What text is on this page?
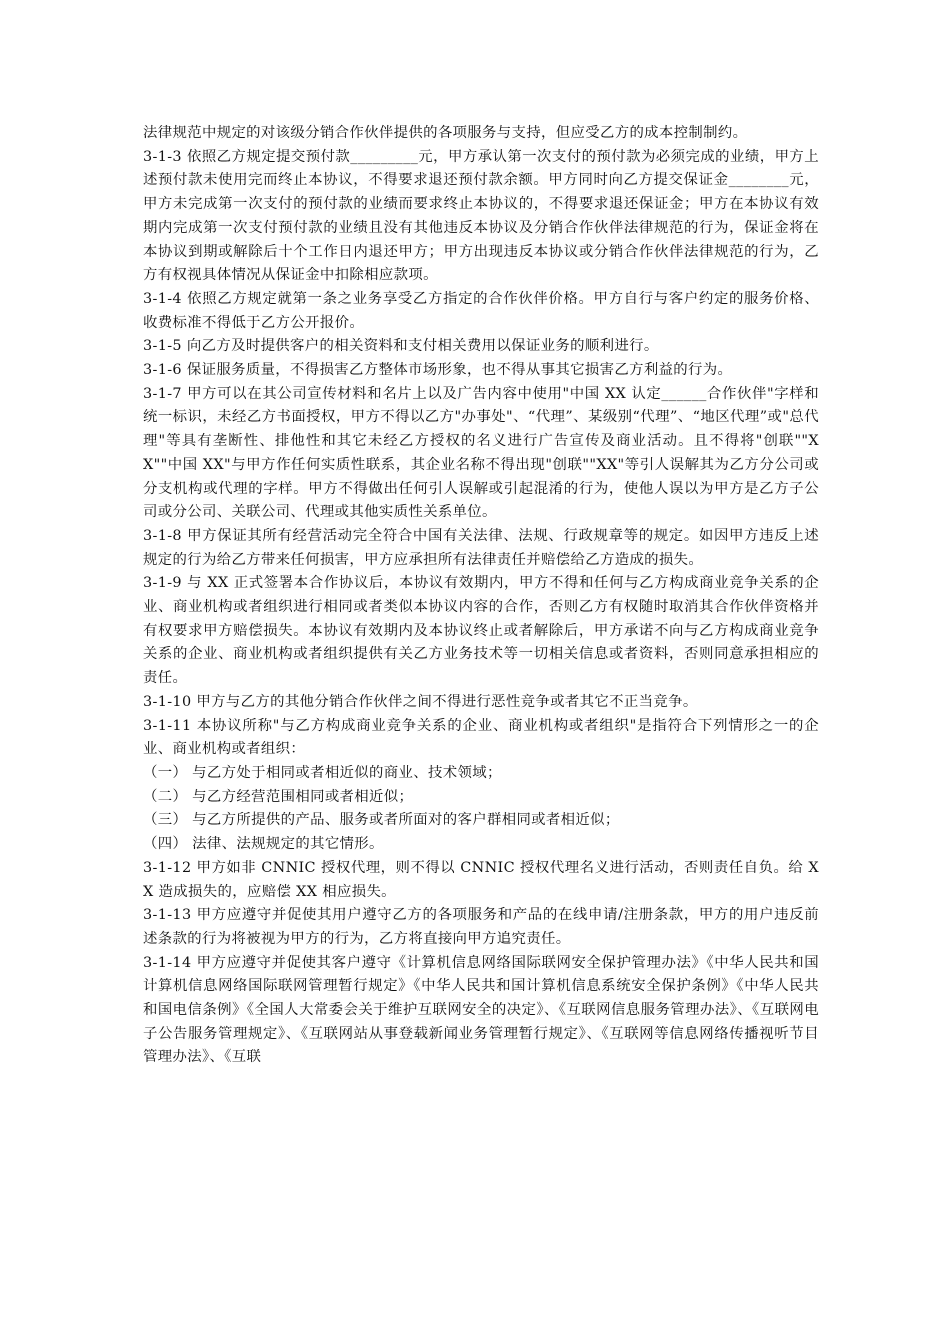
法律规范中规定的对该级分销合作伙伴提供的各项服务与支持，但应受乙方的成本控制制约。

3-1-3 依照乙方规定提交预付款_________元，甲方承认第一次支付的预付款为必须完成的业绩，甲方上述预付款未使用完而终止本协议，不得要求退还预付款余额。甲方同时向乙方提交保证金________元，甲方未完成第一次支付的预付款的业绩而要求终止本协议的，不得要求退还保证金；甲方在本协议有效期内完成第一次支付预付款的业绩且没有其他违反本协议及分销合作伙伴法律规范的行为，保证金将在本协议到期或解除后十个工作日内退还甲方；甲方出现违反本协议或分销合作伙伴法律规范的行为，乙方有权视具体情况从保证金中扣除相应款项。

3-1-4 依照乙方规定就第一条之业务享受乙方指定的合作伙伴价格。甲方自行与客户约定的服务价格、收费标准不得低于乙方公开报价。

3-1-5 向乙方及时提供客户的相关资料和支付相关费用以保证业务的顺利进行。

3-1-6 保证服务质量，不得损害乙方整体市场形象，也不得从事其它损害乙方利益的行为。

3-1-7 甲方可以在其公司宣传材料和名片上以及广告内容中使用"中国 XX 认定______合作伙伴"字样和统一标识，未经乙方书面授权，甲方不得以乙方"办事处"、“代理”、某级别“代理”、“地区代理”或"总代理"等具有垄断性、排他性和其它未经乙方授权的名义进行广告宣传及商业活动。且不得将"创联""XX""中国 XX"与甲方作任何实质性联系，其企业名称不得出现"创联""XX"等引人误解其为乙方分公司或分支机构或代理的字样。甲方不得做出任何引人误解或引起混淆的行为，使他人误以为甲方是乙方子公司或分公司、关联公司、代理或其他实质性关系单位。

3-1-8 甲方保证其所有经营活动完全符合中国有关法律、法规、行政规章等的规定。如因甲方违反上述规定的行为给乙方带来任何损害，甲方应承担所有法律责任并赔偿给乙方造成的损失。

3-1-9 与 XX 正式签署本合作协议后，本协议有效期内，甲方不得和任何与乙方构成商业竞争关系的企业、商业机构或者组织进行相同或者类似本协议内容的合作，否则乙方有权随时取消其合作伙伴资格并有权要求甲方赔偿损失。本协议有效期内及本协议终止或者解除后，甲方承诺不向与乙方构成商业竞争关系的企业、商业机构或者组织提供有关乙方业务技术等一切相关信息或者资料，否则同意承担相应的责任。

3-1-10 甲方与乙方的其他分销合作伙伴之间不得进行恶性竞争或者其它不正当竞争。

3-1-11 本协议所称"与乙方构成商业竞争关系的企业、商业机构或者组织"是指符合下列情形之一的企业、商业机构或者组织：

（一） 与乙方处于相同或者相近似的商业、技术领域；

（二） 与乙方经营范围相同或者相近似；

（三） 与乙方所提供的产品、服务或者所面对的客户群相同或者相近似；

（四） 法律、法规规定的其它情形。

3-1-12 甲方如非 CNNIC 授权代理，则不得以 CNNIC 授权代理名义进行活动，否则责任自负。给 XX 造成损失的，应赔偿 XX 相应损失。

3-1-13 甲方应遵守并促使其用户遵守乙方的各项服务和产品的在线申请/注册条款，甲方的用户违反前述条款的行为将被视为甲方的行为，乙方将直接向甲方追究责任。

3-1-14 甲方应遵守并促使其客户遵守《计算机信息网络国际联网安全保护管理办法》《中华人民共和国计算机信息网络国际联网管理暂行规定》《中华人民共和国计算机信息系统安全保护条例》《中华人民共和国电信条例》《全国人大常委会关于维护互联网安全的决定》、《互联网信息服务管理办法》、《互联网电子公告服务管理规定》、《互联网站从事登载新闻业务管理暂行规定》、《互联网等信息网络传播视听节目管理办法》、《互联
